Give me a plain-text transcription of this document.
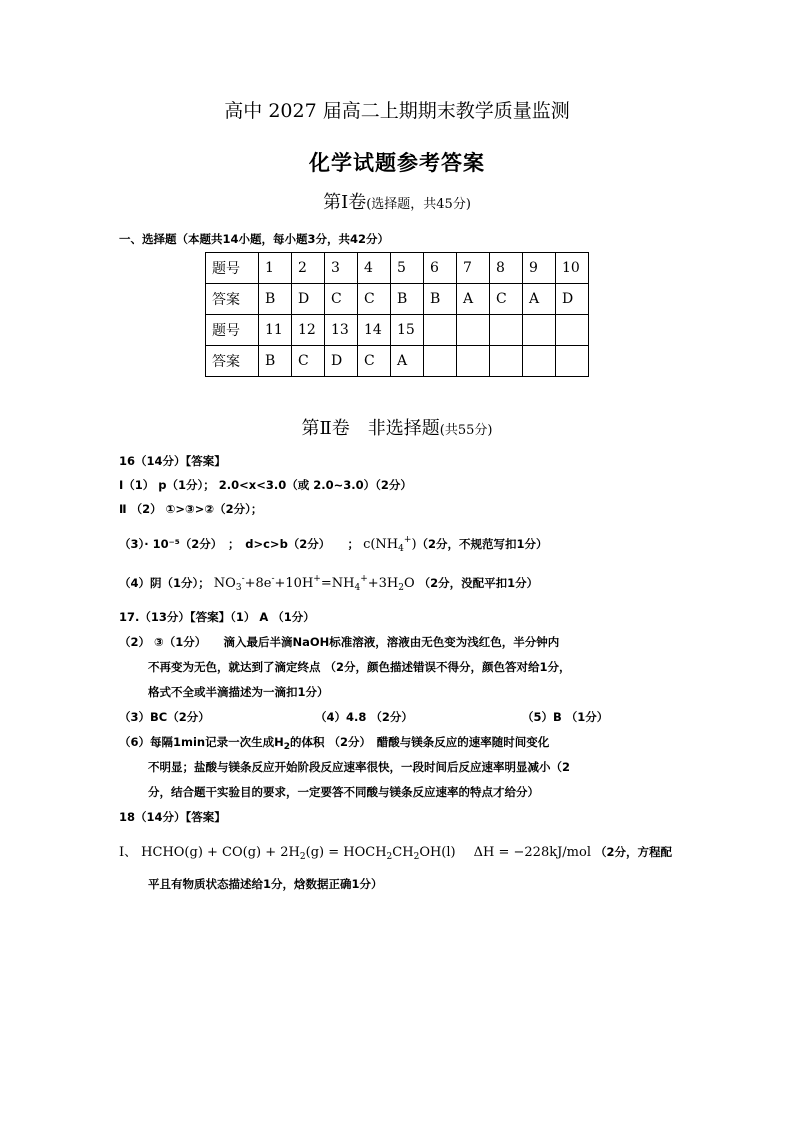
高中 2027 届高二上期期末教学质量监测
化学试题参考答案
第Ⅰ卷(选择题，共45分)
一、选择题（本题共14小题，每小题3分，共42分）
题号	1	2	3	4	5	6	7	8	9	10
答案	B	D	C	C	B	B	A	C	A	D
题号	11	12	13	14	15					
答案	B	C	D	C	A					
第Ⅱ卷　非选择题(共55分)
16（14分）【答案】
Ⅰ（1） p（1分）； 2.0<x<3.0（或 2.0~3.0）（2分）
Ⅱ （2） ①>③>②（2分）；
（3）· 10⁻⁵（2分）　；　d>c>b（2分）　　； $c(NH_4^+)(2$分，不规范写扣1分）
（4）阴（1分）； $NO_3^-+8e^-+10H^+=NH_4^++3H_2O$ （2分，没配平扣1分）
17.（13分）【答案】（1） A （1分）
（2） ③（1分）　　滴入最后半滴NaOH标准溶液，溶液由无色变为浅红色，半分钟内
不再变为无色，就达到了滴定终点 （2分，颜色描述错误不得分，颜色答对给1分，
格式不全或半滴描述为一滴扣1分）
（3）BC（2分）	（4）4.8 （2分）	（5）B （1分）
（6）每隔1min记录一次生成$H_2$的体积 （2分）　醋酸与镁条反应的速率随时间变化
不明显；盐酸与镁条反应开始阶段反应速率很快，一段时间后反应速率明显减小（2
分，结合题干实验目的要求，一定要答不同酸与镁条反应速率的特点才给分）
18（14分）【答案】
Ⅰ、 HCHO(g) + $CO(g) + 2H_2(g)$ = $HOCH_2CH_2OH(l) \Delta H = -228kJ/mol$ （2分，方程配
平且有物质状态描述给1分，焓数据正确1分）
